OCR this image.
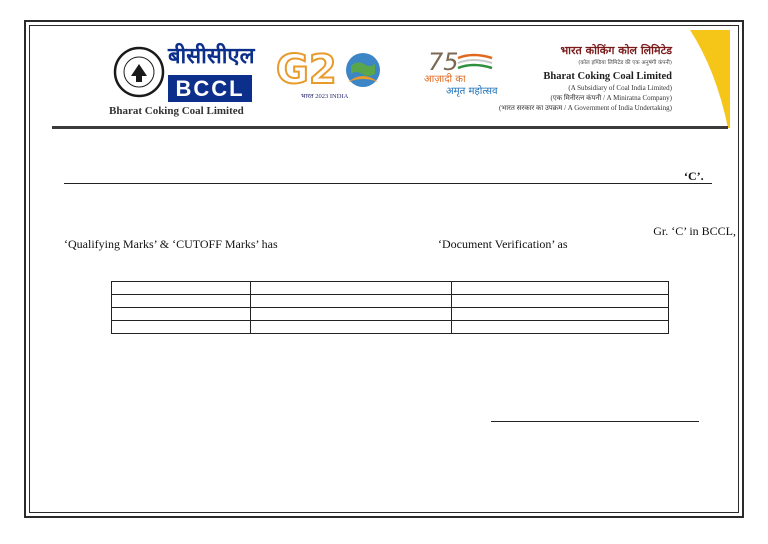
बीसीसीएल
BCCL
Bharat Coking Coal Limited
G2
भारत 2023 INDIA
75
आज़ादी का
अमृत महोत्सव
भारत कोकिंग कोल लिमिटेड
(कोल इण्डिया लिमिटेड की एक अनुषंगी कंपनी)
Bharat Coking Coal Limited
(A Subsidiary of Coal India Limited)
(एक मिनीरत्न कंपनी / A Miniratna Company)
(भारत सरकार का उपक्रम / A Government of India Undertaking)
‘C’.
Gr. ‘C’ in BCCL,
‘Qualifying Marks’ & ‘CUTOFF Marks’ has	‘Document Verification’ as
